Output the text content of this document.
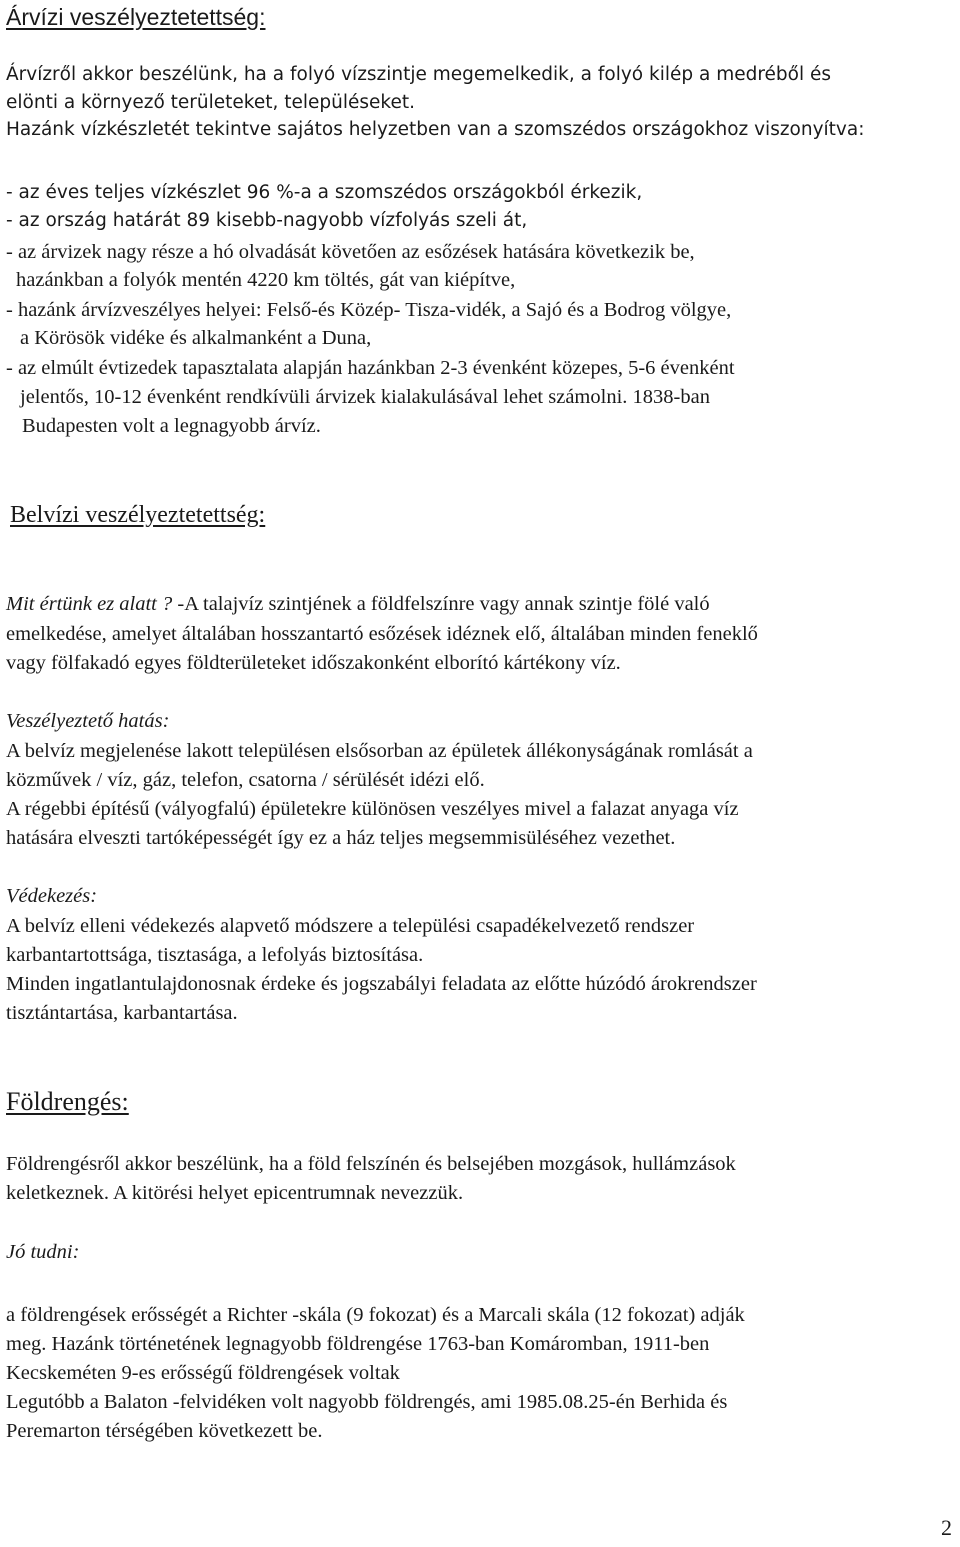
Árvízi veszélyeztetettség:

Árvízről akkor beszélünk, ha a folyó vízszintje megemelkedik, a folyó kilép a medréből és

elönti a környező területeket, településeket.

Hazánk vízkészletét tekintve sajátos helyzetben van a szomszédos országokhoz viszonyítva:

- az éves teljes vízkészlet 96 %-a a szomszédos országokból érkezik,

- az ország határát 89 kisebb-nagyobb vízfolyás szeli át,

- az árvizek nagy része a hó olvadását követően az esőzések hatására következik be,

hazánkban a folyók mentén 4220 km töltés, gát van kiépítve,

- hazánk árvízveszélyes helyei: Felső-és Közép- Tisza-vidék, a Sajó és a Bodrog völgye,

a Körösök vidéke és alkalmanként a Duna,

- az elmúlt évtizedek tapasztalata alapján hazánkban 2-3 évenként közepes, 5-6 évenként

jelentős, 10-12 évenként rendkívüli árvizek kialakulásával lehet számolni. 1838-ban

Budapesten volt a legnagyobb árvíz.

Belvízi veszélyeztetettség:

Mit értünk ez alatt ? -A talajvíz szintjének a földfelszínre vagy annak szintje fölé való

emelkedése, amelyet általában hosszantartó esőzések idéznek elő, általában minden feneklő

vagy fölfakadó egyes földterületeket időszakonként elborító kártékony víz.

Veszélyeztető hatás:

A belvíz megjelenése lakott településen elsősorban az épületek állékonyságának romlását a

közművek / víz, gáz, telefon, csatorna / sérülését idézi elő.

A régebbi építésű (vályogfalú) épületekre különösen veszélyes mivel a falazat anyaga víz

hatására elveszti tartóképességét így ez a ház teljes megsemmisüléséhez vezethet.

Védekezés:

A belvíz elleni védekezés alapvető módszere a települési csapadékelvezető rendszer

karbantartottsága, tisztasága, a lefolyás biztosítása.

Minden ingatlantulajdonosnak érdeke és jogszabályi feladata az előtte húzódó árokrendszer

tisztántartása, karbantartása.

Földrengés:

Földrengésről akkor beszélünk, ha a föld felszínén és belsejében mozgások, hullámzások

keletkeznek. A kitörési helyet epicentrumnak nevezzük.

Jó tudni:

a földrengések erősségét a Richter -skála (9 fokozat) és a Marcali skála (12 fokozat) adják

meg. Hazánk történetének legnagyobb földrengése 1763-ban Komáromban, 1911-ben

Kecskeméten 9-es erősségű földrengések voltak

Legutóbb a Balaton -felvidéken volt nagyobb földrengés, ami 1985.08.25-én Berhida és

Peremarton térségében következett be.

2
